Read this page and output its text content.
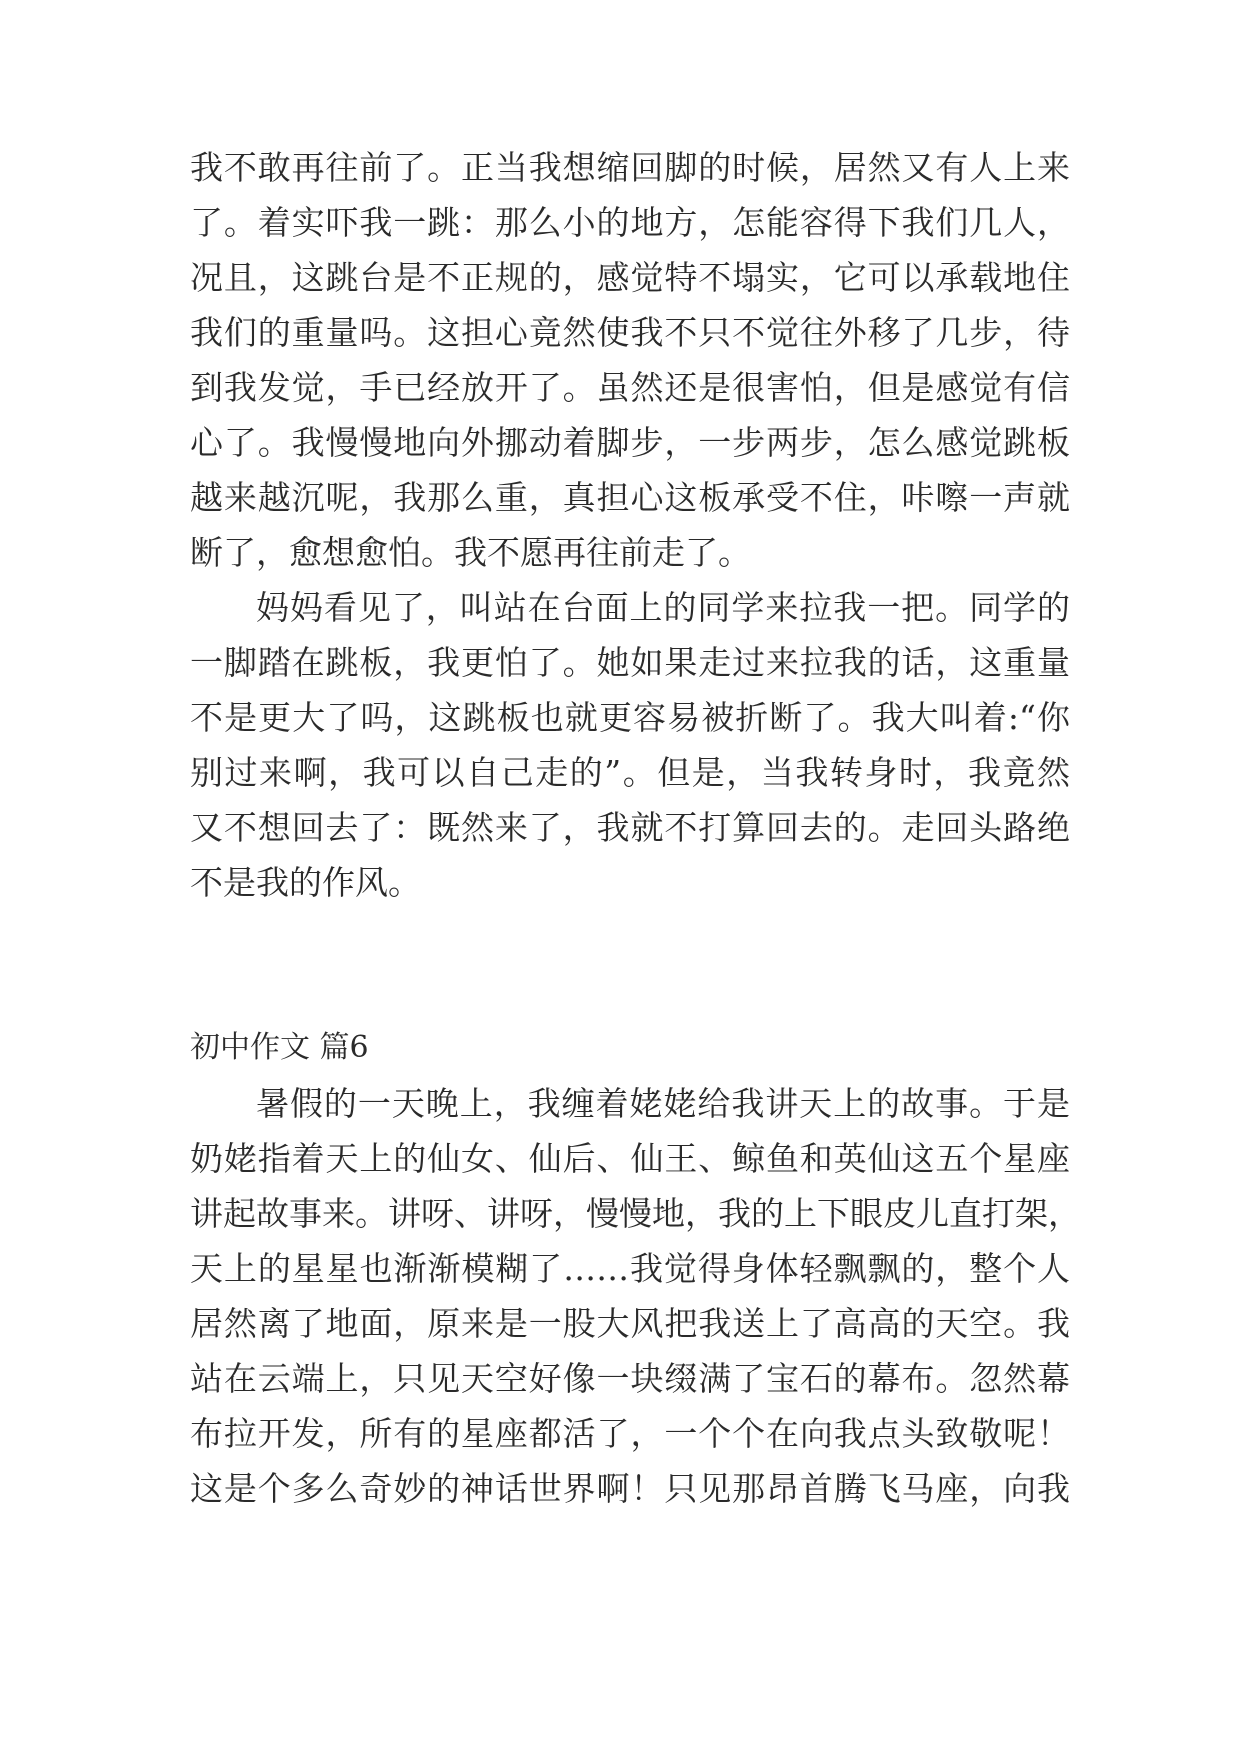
我不敢再往前了。正当我想缩回脚的时候，居然又有人上来
了。着实吓我一跳：那么小的地方，怎能容得下我们几人，
况且，这跳台是不正规的，感觉特不塌实，它可以承载地住
我们的重量吗。这担心竟然使我不只不觉往外移了几步，待
到我发觉，手已经放开了。虽然还是很害怕，但是感觉有信
心了。我慢慢地向外挪动着脚步，一步两步，怎么感觉跳板
越来越沉呢，我那么重，真担心这板承受不住，咔嚓一声就
断了，愈想愈怕。我不愿再往前走了。
妈妈看见了，叫站在台面上的同学来拉我一把。同学的
一脚踏在跳板，我更怕了。她如果走过来拉我的话，这重量
不是更大了吗，这跳板也就更容易被折断了。我大叫着:“你
别过来啊，我可以自己走的”。但是，当我转身时，我竟然
又不想回去了：既然来了，我就不打算回去的。走回头路绝
不是我的作风。
初中作文 篇6
暑假的一天晚上，我缠着姥姥给我讲天上的故事。于是
奶姥指着天上的仙女、仙后、仙王、鲸鱼和英仙这五个星座
讲起故事来。讲呀、讲呀，慢慢地，我的上下眼皮儿直打架，
天上的星星也渐渐模糊了……我觉得身体轻飘飘的，整个人
居然离了地面，原来是一股大风把我送上了高高的天空。我
站在云端上，只见天空好像一块缀满了宝石的幕布。忽然幕
布拉开发，所有的星座都活了，一个个在向我点头致敬呢！
这是个多么奇妙的神话世界啊！只见那昂首腾飞马座，向我
